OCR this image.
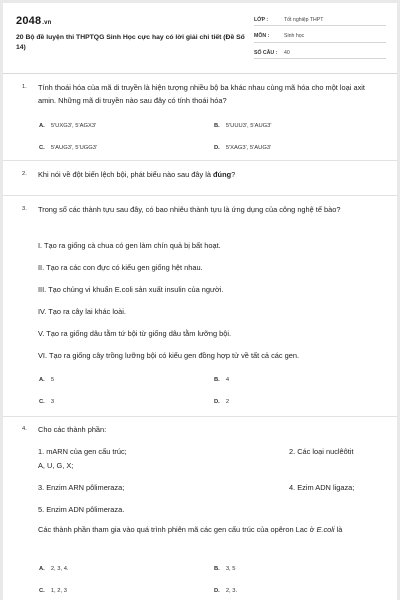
2048.vn
20 Bộ đề luyện thi THPTQG Sinh Học cực hay có lời giải chi tiết (Đề Số 14)
LỚP :	Tốt nghiệp THPT
MÔN :	Sinh học
SỐ CÂU :	40
1. Tính thoái hóa của mã di truyền là hiện tượng nhiều bộ ba khác nhau cùng mã hóa cho một loại axit amin. Những mã di truyền nào sau đây có tính thoái hóa?
A. 5'UXG3', 5'AGX3'	B. 5'UUU3', 5'AUG3'
C. 5'AUG3', 5'UGG3'	D. 5'XAG3', 5'AUG3'
2. Khi nói về đột biến lệch bội, phát biểu nào sau đây là đúng?
3. Trong số các thành tựu sau đây, có bao nhiêu thành tựu là ứng dụng của công nghệ tế bào?
I. Tạo ra giống cà chua có gen làm chín quả bị bất hoạt.
II. Tạo ra các con đực có kiểu gen giống hệt nhau.
III. Tạo chủng vi khuẩn E.coli sản xuất insulin của người.
IV. Tạo ra cây lai khác loài.
V. Tạo ra giống dâu tằm tứ bội từ giống dâu tằm lưỡng bội.
VI. Tạo ra giống cây trồng lưỡng bội có kiểu gen đồng hợp tử về tất cả các gen.
A. 5	B. 4
C. 3	D. 2
4. Cho các thành phần:
1. mARN của gen cấu trúc;	2. Các loại nuclêôtit
A, U, G, X;
3. Enzim ARN pôlimeraza;	4. Ezim ADN ligaza;
5. Enzim ADN pôlimeraza.
Các thành phần tham gia vào quá trình phiên mã các gen cấu trúc của opêron Lac ở E.coli là
A. 2, 3, 4.	B. 3, 5
C. 1, 2, 3	D. 2, 3.
